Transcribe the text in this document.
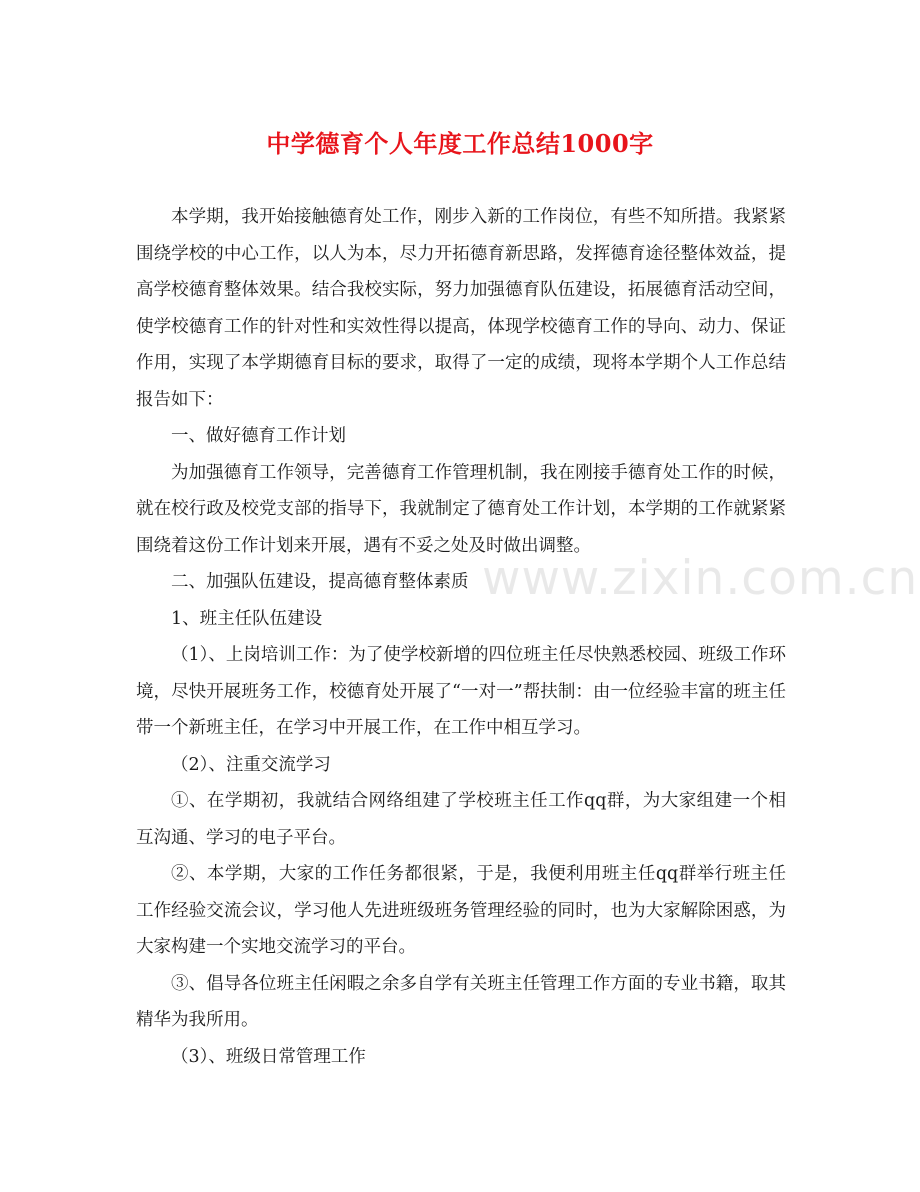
中学德育个人年度工作总结1000字

本学期，我开始接触德育处工作，刚步入新的工作岗位，有些不知所措。我紧紧围绕学校的中心工作，以人为本，尽力开拓德育新思路，发挥德育途径整体效益，提高学校德育整体效果。结合我校实际，努力加强德育队伍建设，拓展德育活动空间，使学校德育工作的针对性和实效性得以提高，体现学校德育工作的导向、动力、保证作用，实现了本学期德育目标的要求，取得了一定的成绩，现将本学期个人工作总结报告如下：

一、做好德育工作计划

为加强德育工作领导，完善德育工作管理机制，我在刚接手德育处工作的时候，就在校行政及校党支部的指导下，我就制定了德育处工作计划，本学期的工作就紧紧围绕着这份工作计划来开展，遇有不妥之处及时做出调整。

二、加强队伍建设，提高德育整体素质

1、班主任队伍建设

（1）、上岗培训工作：为了使学校新增的四位班主任尽快熟悉校园、班级工作环境，尽快开展班务工作，校德育处开展了“一对一”帮扶制：由一位经验丰富的班主任带一个新班主任，在学习中开展工作，在工作中相互学习。

（2）、注重交流学习

①、在学期初，我就结合网络组建了学校班主任工作qq群，为大家组建一个相互沟通、学习的电子平台。

②、本学期，大家的工作任务都很紧，于是，我便利用班主任qq群举行班主任工作经验交流会议，学习他人先进班级班务管理经验的同时，也为大家解除困惑，为大家构建一个实地交流学习的平台。

③、倡导各位班主任闲暇之余多自学有关班主任管理工作方面的专业书籍，取其精华为我所用。

（3）、班级日常管理工作

www.zixin.com.cn
